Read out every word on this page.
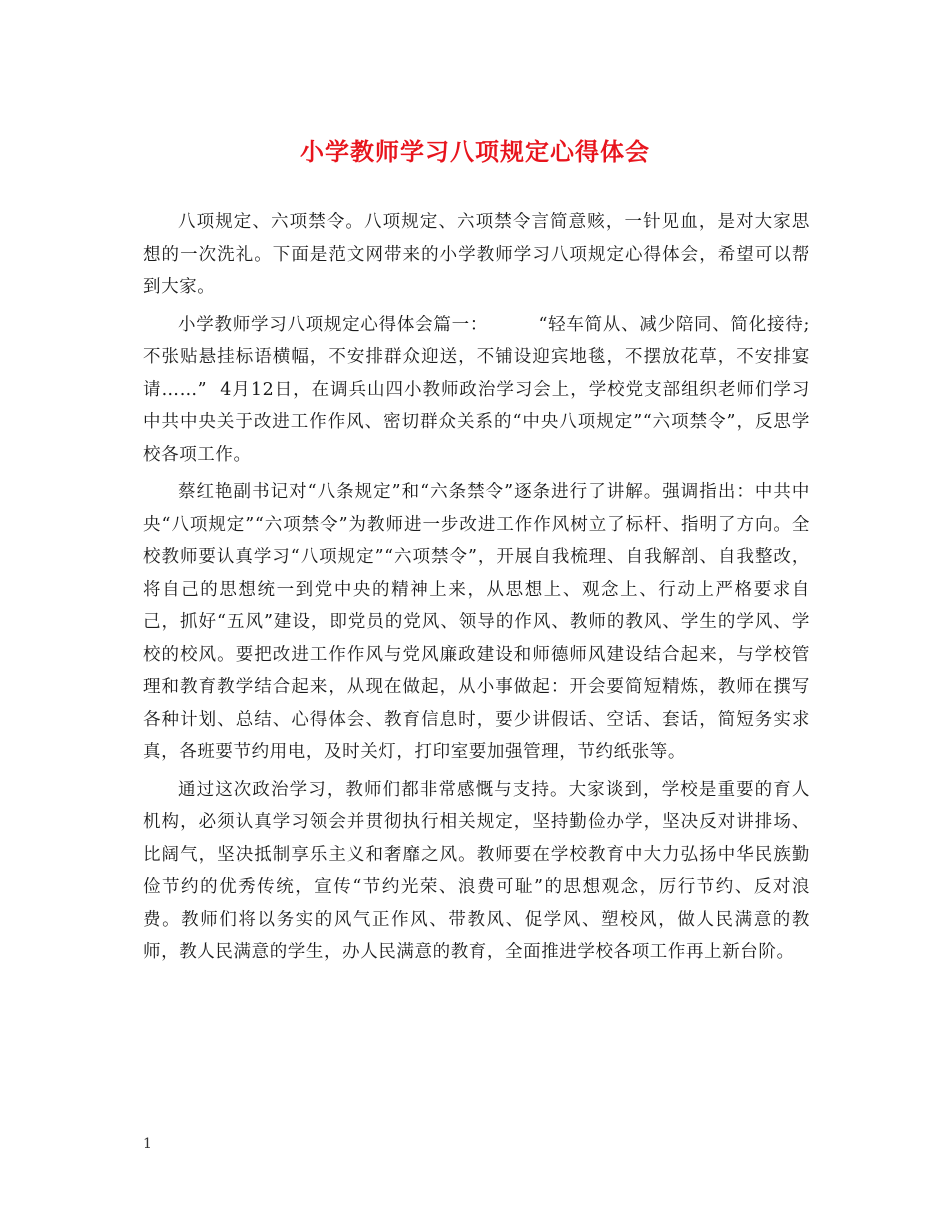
小学教师学习八项规定心得体会

八项规定、六项禁令。八项规定、六项禁令言简意赅，一针见血，是对大家思想的一次洗礼。下面是范文网带来的小学教师学习八项规定心得体会，希望可以帮到大家。

小学教师学习八项规定心得体会篇一：        “轻车简从、减少陪同、简化接待;不张贴悬挂标语横幅，不安排群众迎送，不铺设迎宾地毯，不摆放花草，不安排宴请……”  4月12日，在调兵山四小教师政治学习会上，学校党支部组织老师们学习中共中央关于改进工作作风、密切群众关系的“中央八项规定”“六项禁令”，反思学校各项工作。

蔡红艳副书记对“八条规定”和“六条禁令”逐条进行了讲解。强调指出：中共中央“八项规定”“六项禁令”为教师进一步改进工作作风树立了标杆、指明了方向。全校教师要认真学习“八项规定”“六项禁令”，开展自我梳理、自我解剖、自我整改，将自己的思想统一到党中央的精神上来，从思想上、观念上、行动上严格要求自己，抓好“五风”建设，即党员的党风、领导的作风、教师的教风、学生的学风、学校的校风。要把改进工作作风与党风廉政建设和师德师风建设结合起来，与学校管理和教育教学结合起来，从现在做起，从小事做起：开会要简短精炼，教师在撰写各种计划、总结、心得体会、教育信息时，要少讲假话、空话、套话，简短务实求真，各班要节约用电，及时关灯，打印室要加强管理，节约纸张等。

通过这次政治学习，教师们都非常感慨与支持。大家谈到，学校是重要的育人机构，必须认真学习领会并贯彻执行相关规定，坚持勤俭办学，坚决反对讲排场、比阔气，坚决抵制享乐主义和奢靡之风。教师要在学校教育中大力弘扬中华民族勤俭节约的优秀传统，宣传“节约光荣、浪费可耻”的思想观念，厉行节约、反对浪费。教师们将以务实的风气正作风、带教风、促学风、塑校风，做人民满意的教师，教人民满意的学生，办人民满意的教育，全面推进学校各项工作再上新台阶。

1
